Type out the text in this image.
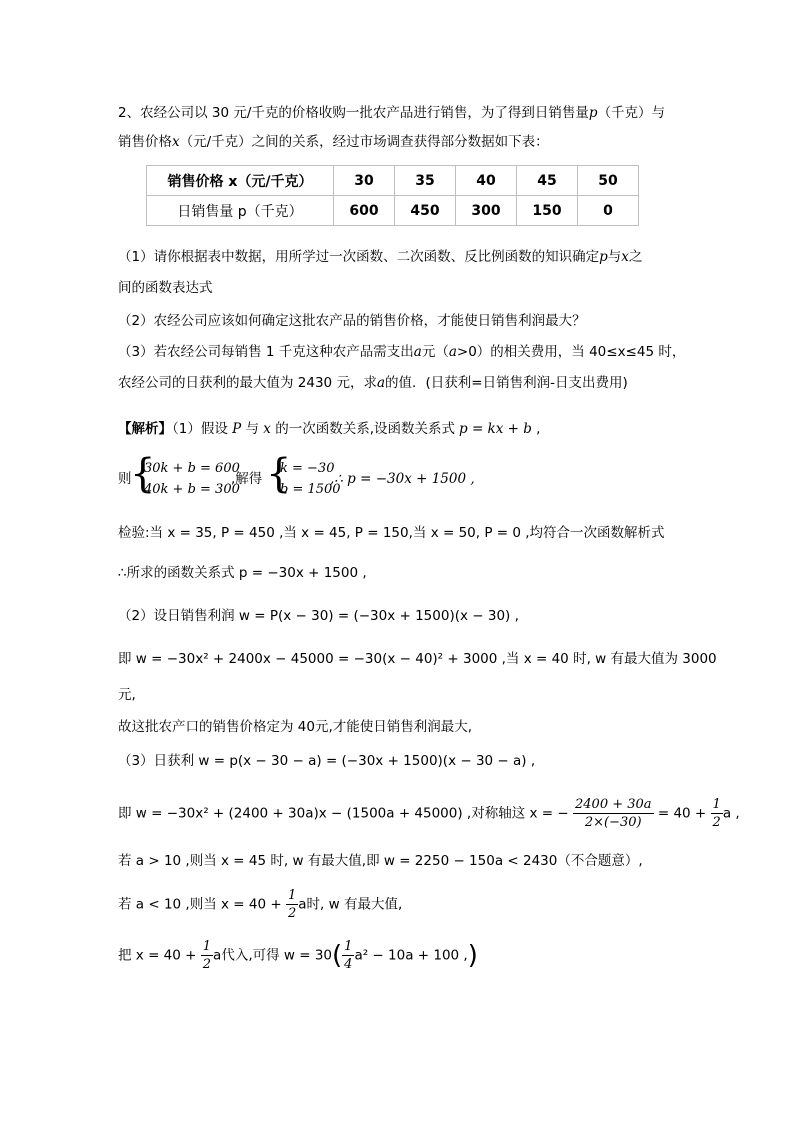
2、农经公司以 30 元/千克的价格收购一批农产品进行销售，为了得到日销售量p（千克）与
销售价格x（元/千克）之间的关系，经过市场调查获得部分数据如下表：
销售价格 x（元/千克）	30	35	40	45	50
日销售量 p（千克）	600	450	300	150	0
（1）请你根据表中数据，用所学过一次函数、二次函数、反比例函数的知识确定p与x之
间的函数表达式
（2）农经公司应该如何确定这批农产品的销售价格，才能使日销售利润最大？
（3）若农经公司每销售 1 千克这种农产品需支出a元（a>0）的相关费用，当 40≤x≤45 时，
农经公司的日获利的最大值为 2430 元，求a的值．(日获利=日销售利润-日支出费用)
【解析】（1）假设 P 与 x 的一次函数关系,设函数关系式 p = kx + b ,
则
{
30k + b = 600
40k + b = 300
,解得 {
k = −30
b = 1500
,∴ p = −30x + 1500 ,
检验:当 x = 35, P = 450 ,当 x = 45, P = 150,当 x = 50, P = 0 ,均符合一次函数解析式
∴所求的函数关系式 p = −30x + 1500 ,
（2）设日销售利润 w = P(x − 30) = (−30x + 1500)(x − 30) ,
即 w = −30x² + 2400x − 45000 = −30(x − 40)² + 3000 ,当 x = 40 时, w 有最大值为 3000
元,
故这批农产口的销售价格定为 40元,才能使日销售利润最大,
（3）日获利 w = p(x − 30 − a) = (−30x + 1500)(x − 30 − a) ,
即 w = −30x² + (2400 + 30a)x − (1500a + 45000) ,对称轴这 x = − $\frac{2400 + 30a}{2\times(-30)} = 40 + \frac{1}{2}$ a ,
若 a > 10 ,则当 x = 45 时, w 有最大值,即 w = 2250 − 150a < 2430（不合题意）,
若 a < 10 ,则当 $x = 40 + \frac{1}{2}$ a时, w 有最大值,
把 $x = 40 + \frac{1}{2}$ a代入,可得 $w = 30( \frac{1}{4} a^2 - 10a + 100$ ,)
